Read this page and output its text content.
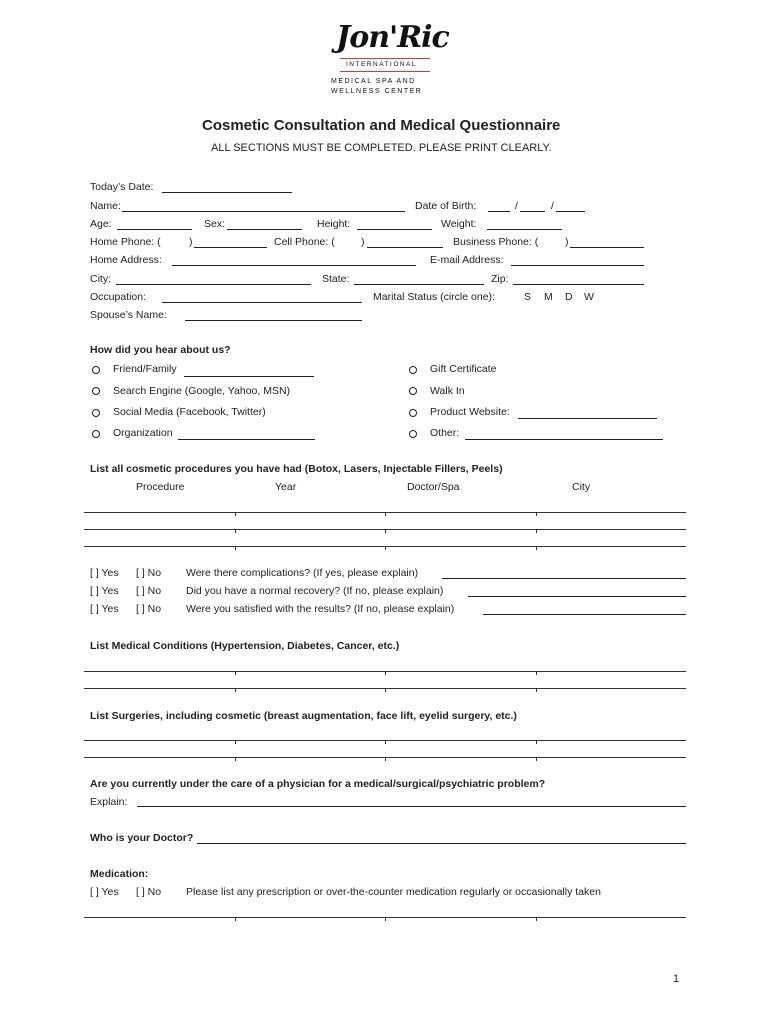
Jon'Ric
INTERNATIONAL
MEDICAL SPA AND
WELLNESS CENTER
Cosmetic Consultation and Medical Questionnaire
ALL SECTIONS MUST BE COMPLETED. PLEASE PRINT CLEARLY.
Today’s Date:
Name:	Date of Birth:	/	/
Age:	Sex:	Height:	Weight:
Home Phone: (	)	Cell Phone: (	)	Business Phone: (	)
Home Address:	E-mail Address:
City:	State:	Zip:
Occupation:	Marital Status (circle one):	S M D W
Spouse’s Name:
How did you hear about us?
Friend/Family
Search Engine (Google, Yahoo, MSN)
Social Media (Facebook, Twitter)
Organization
Gift Certificate
Walk In
Product Website:
Other:
List all cosmetic procedures you have had (Botox, Lasers, Injectable Fillers, Peels)
Procedure	Year	Doctor/Spa	City
[ ] Yes [ ] No Were there complications? (If yes, please explain)
[ ] Yes [ ] No Did you have a normal recovery? (If no, please explain)
[ ] Yes [ ] No Were you satisfied with the results? (If no, please explain)
List Medical Conditions (Hypertension, Diabetes, Cancer, etc.)
List Surgeries, including cosmetic (breast augmentation, face lift, eyelid surgery, etc.)
Are you currently under the care of a physician for a medical/surgical/psychiatric problem?
Explain:
Who is your Doctor?
Medication:
[ ] Yes [ ] No Please list any prescription or over-the-counter medication regularly or occasionally taken
1
